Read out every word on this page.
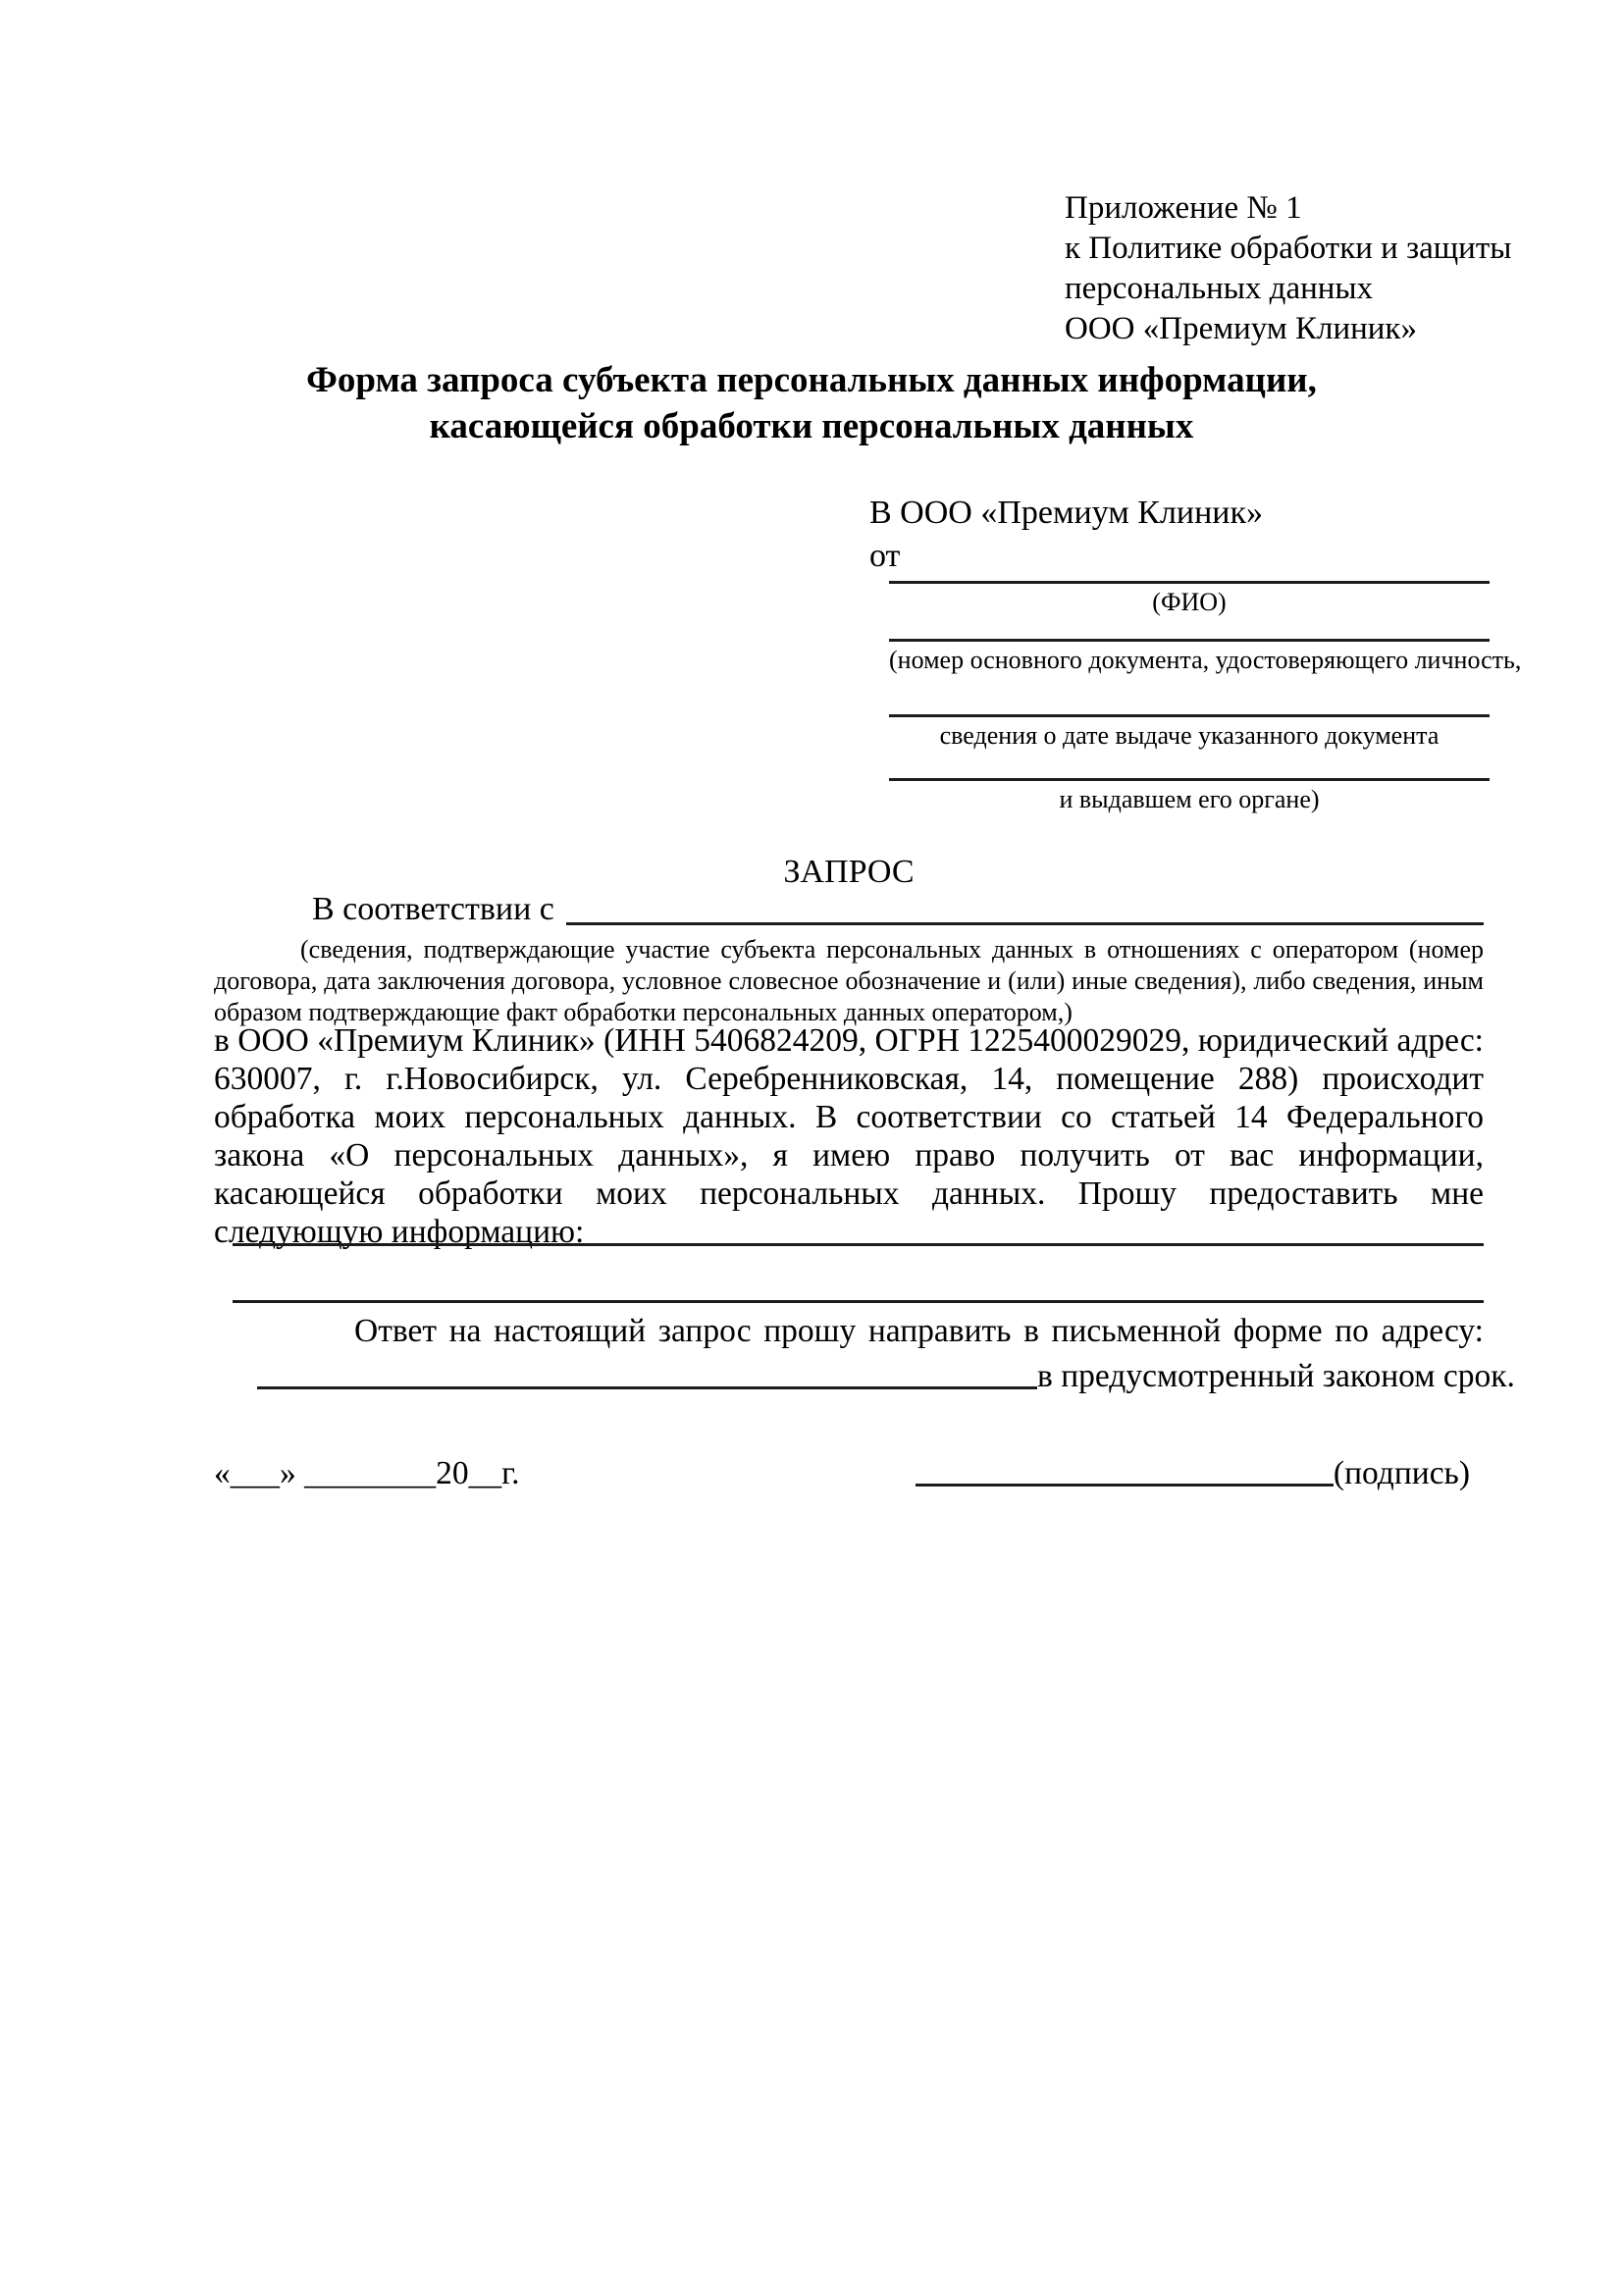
Приложение № 1
к Политике обработки и защиты
персональных данных
ООО «Премиум Клиник»
Форма запроса субъекта персональных данных информации,
касающейся обработки персональных данных
В ООО «Премиум Клиник»
от
(ФИО)
(номер основного документа, удостоверяющего личность,
сведения о дате выдаче указанного документа
и выдавшем его органе)
ЗАПРОС
В соответствии с
(сведения, подтверждающие участие субъекта персональных данных в отношениях с оператором (номер договора, дата заключения договора, условное словесное обозначение и (или) иные сведения), либо сведения, иным образом подтверждающие факт обработки персональных данных оператором,)
в ООО «Премиум Клиник» (ИНН 5406824209, ОГРН 1225400029029, юридический адрес: 630007, г. г.Новосибирск, ул. Серебренниковская, 14, помещение 288) происходит обработка моих персональных данных. В соответствии со статьей 14 Федерального закона «О персональных данных», я имею право получить от вас информации, касающейся обработки моих персональных данных. Прошу предоставить мне следующую информацию:
Ответ на настоящий запрос прошу направить в письменной форме по адресу:
в предусмотренный законом срок.
«___» ________20__г.	(подпись)
